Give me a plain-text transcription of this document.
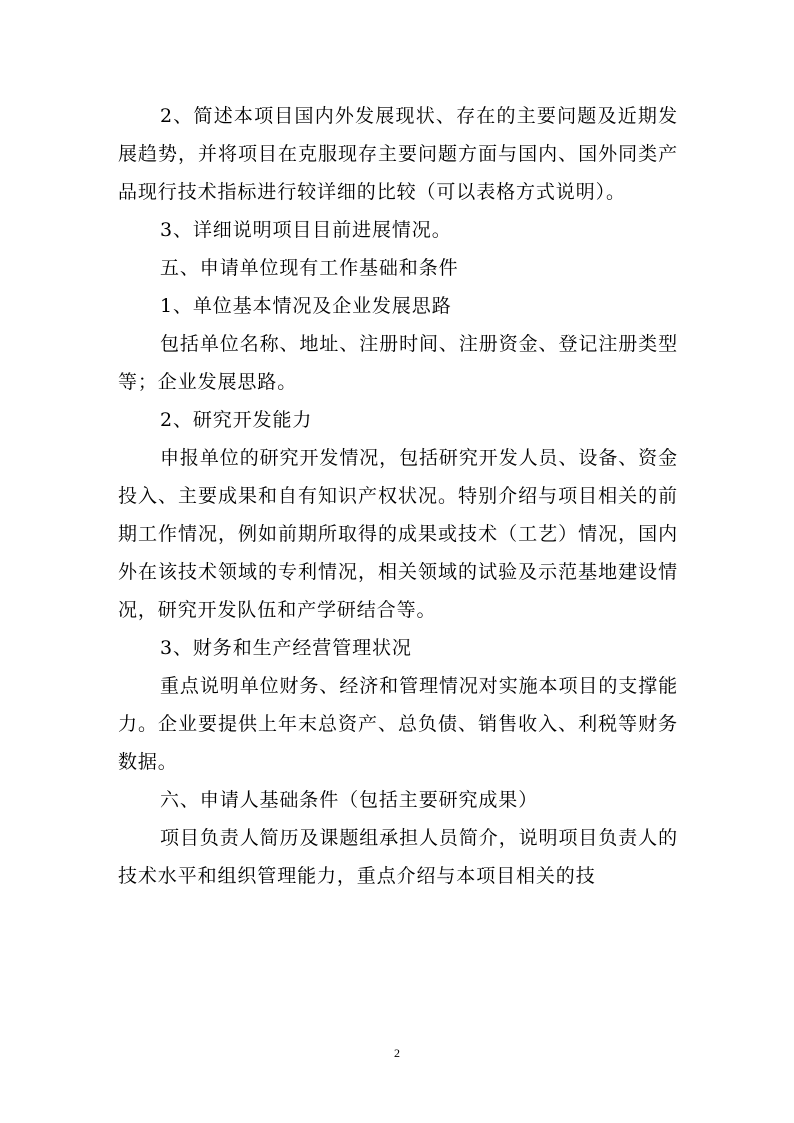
2、简述本项目国内外发展现状、存在的主要问题及近期发展趋势，并将项目在克服现存主要问题方面与国内、国外同类产品现行技术指标进行较详细的比较（可以表格方式说明）。

3、详细说明项目目前进展情况。

五、申请单位现有工作基础和条件

1、单位基本情况及企业发展思路

包括单位名称、地址、注册时间、注册资金、登记注册类型等；企业发展思路。

2、研究开发能力

申报单位的研究开发情况，包括研究开发人员、设备、资金投入、主要成果和自有知识产权状况。特别介绍与项目相关的前期工作情况，例如前期所取得的成果或技术（工艺）情况，国内外在该技术领域的专利情况，相关领域的试验及示范基地建设情况，研究开发队伍和产学研结合等。

3、财务和生产经营管理状况

重点说明单位财务、经济和管理情况对实施本项目的支撑能力。企业要提供上年末总资产、总负债、销售收入、利税等财务数据。

六、申请人基础条件（包括主要研究成果）

项目负责人简历及课题组承担人员简介，说明项目负责人的技术水平和组织管理能力，重点介绍与本项目相关的技

2
